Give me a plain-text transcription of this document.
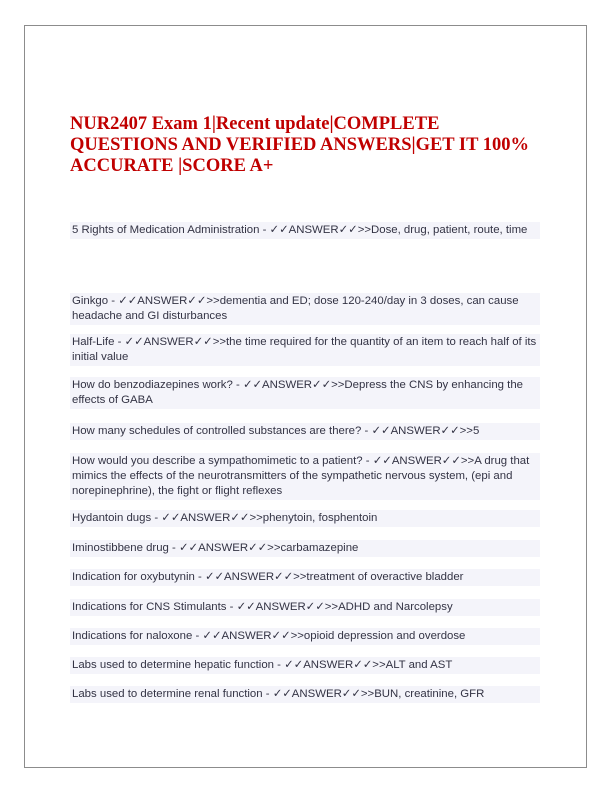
NUR2407 Exam 1|Recent update|COMPLETE QUESTIONS AND VERIFIED ANSWERS|GET IT 100% ACCURATE |SCORE A+

5 Rights of Medication Administration - ✓✓ANSWER✓✓>>Dose, drug, patient, route, time

Ginkgo - ✓✓ANSWER✓✓>>dementia and ED; dose 120-240/day in 3 doses, can cause headache and GI disturbances

Half-Life - ✓✓ANSWER✓✓>>the time required for the quantity of an item to reach half of its initial value

How do benzodiazepines work? - ✓✓ANSWER✓✓>>Depress the CNS by enhancing the effects of GABA

How many schedules of controlled substances are there? - ✓✓ANSWER✓✓>>5

How would you describe a sympathomimetic to a patient? - ✓✓ANSWER✓✓>>A drug that mimics the effects of the neurotransmitters of the sympathetic nervous system, (epi and norepinephrine), the fight or flight reflexes

Hydantoin dugs - ✓✓ANSWER✓✓>>phenytoin, fosphentoin

Iminostibbene drug - ✓✓ANSWER✓✓>>carbamazepine

Indication for oxybutynin - ✓✓ANSWER✓✓>>treatment of overactive bladder

Indications for CNS Stimulants - ✓✓ANSWER✓✓>>ADHD and Narcolepsy

Indications for naloxone - ✓✓ANSWER✓✓>>opioid depression and overdose

Labs used to determine hepatic function - ✓✓ANSWER✓✓>>ALT and AST

Labs used to determine renal function - ✓✓ANSWER✓✓>>BUN, creatinine, GFR
